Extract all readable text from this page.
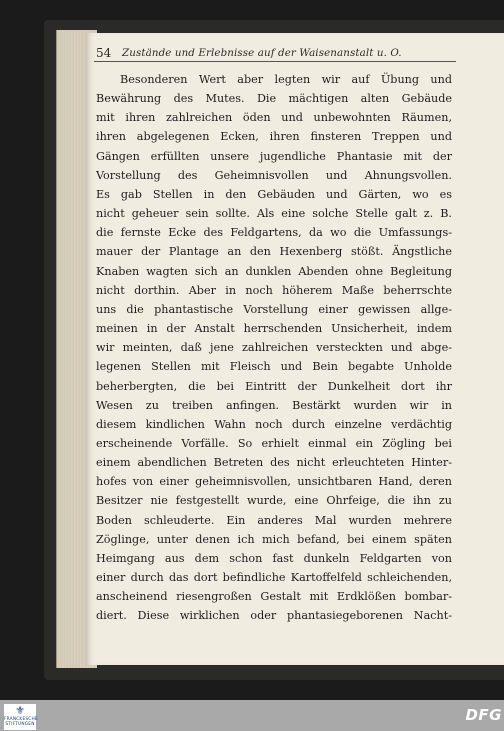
54 Zustände und Erlebnisse auf der Waisenanstalt u. O.
Besonderen Wert aber legten wir auf Übung und
Bewährung des Mutes. Die mächtigen alten Gebäude
mit ihren zahlreichen öden und unbewohnten Räumen,
ihren abgelegenen Ecken, ihren finsteren Treppen und
Gängen erfüllten unsere jugendliche Phantasie mit der
Vorstellung des Geheimnisvollen und Ahnungsvollen.
Es gab Stellen in den Gebäuden und Gärten, wo es
nicht geheuer sein sollte. Als eine solche Stelle galt z. B.
die fernste Ecke des Feldgartens, da wo die Umfassungs-
mauer der Plantage an den Hexenberg stößt. Ängstliche
Knaben wagten sich an dunklen Abenden ohne Begleitung
nicht dorthin. Aber in noch höherem Maße beherrschte
uns die phantastische Vorstellung einer gewissen allge-
meinen in der Anstalt herrschenden Unsicherheit, indem
wir meinten, daß jene zahlreichen versteckten und abge-
legenen Stellen mit Fleisch und Bein begabte Unholde
beherbergten, die bei Eintritt der Dunkelheit dort ihr
Wesen zu treiben anfingen. Bestärkt wurden wir in
diesem kindlichen Wahn noch durch einzelne verdächtig
erscheinende Vorfälle. So erhielt einmal ein Zögling bei
einem abendlichen Betreten des nicht erleuchteten Hinter-
hofes von einer geheimnisvollen, unsichtbaren Hand, deren
Besitzer nie festgestellt wurde, eine Ohrfeige, die ihn zu
Boden schleuderte. Ein anderes Mal wurden mehrere
Zöglinge, unter denen ich mich befand, bei einem späten
Heimgang aus dem schon fast dunkeln Feldgarten von
einer durch das dort befindliche Kartoffelfeld schleichenden,
anscheinend riesengroßen Gestalt mit Erdklößen bombar-
diert. Diese wirklichen oder phantasiegeborenen Nacht-
⚜
FRANCKESCHE
STIFTUNGEN
DFG
